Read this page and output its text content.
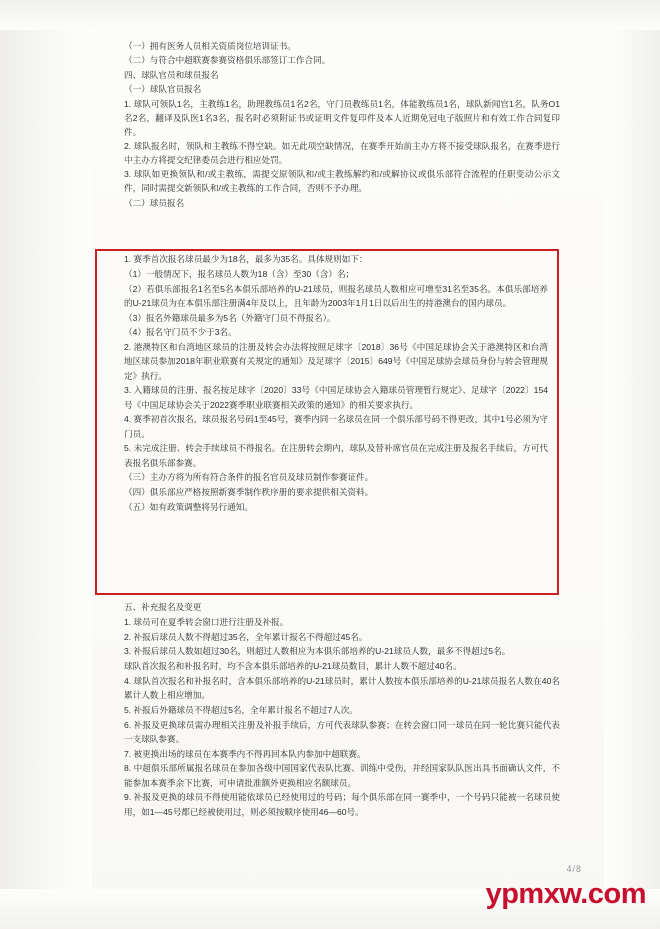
（一）拥有医务人员相关资质岗位培训证书。

（二）与符合中超联赛参赛资格俱乐部签订工作合同。

四、球队官员和球员报名

（一）球队官员报名

1. 球队可领队1名，主教练1名，助理教练员1名2名，守门员教练员1名，体能教练员1名，球队新闻官1名，队务О1名2名，翻译及队医1名3名，报名时必须附证书或证明文件复印件及本人近期免冠电子版照片和有效工作合同复印件。

2. 球队报名时，领队和主教练不得空缺。如无此项空缺情况，在赛季开始前主办方将不接受球队报名，在赛季进行中主办方将提交纪律委员会进行相应处罚。

3. 球队如更换领队和/或主教练，需提交原领队和/或主教练解约和/或解协议或俱乐部符合流程的任职变动公示文件，同时需提交新领队和/或主教练的工作合同，否则不予办理。

（二）球员报名

1. 赛季首次报名球员最少为18名，最多为35名。具体规则如下：

（1）一般情况下，报名球员人数为18（含）至30（含）名；

（2）若俱乐部报名1名至5名本俱乐部培养的U-21球员，则报名球员人数相应可增至31名至35名。本俱乐部培养的U-21球员为在本俱乐部注册满4年及以上，且年龄为2003年1月1日以后出生的持港澳台的国内球员。

（3）报名外籍球员最多为5名（外籍守门员不得报名）。

（4）报名守门员不少于3名。

2. 港澳特区和台湾地区球员的注册及转会办法将按照足球字〔2018〕36号《中国足球协会关于港澳特区和台湾地区球员参加2018年职业联赛有关规定的通知》及足球字〔2015〕649号《中国足球协会球员身份与转会管理规定》执行。

3. 入籍球员的注册、报名按足球字〔2020〕33号《中国足球协会入籍球员管理暂行规定》、足球字〔2022〕154号《中国足球协会关于2022赛季职业联赛相关政策的通知》的相关要求执行。

4. 赛季初首次报名，球员报名号码1至45号，赛季内同一名球员在同一个俱乐部号码不得更改，其中1号必须为守门员。

5. 未完成注册、转会手续球员不得报名。在注册转会期内，球队及替补席官员在完成注册及报名手续后，方可代表报名俱乐部参赛。

（三）主办方将为所有符合条件的报名官员及球员制作参赛证件。

（四）俱乐部应严格按照新赛季制作秩序册的要求提供相关资料。

（五）如有政策调整将另行通知。

五、补充报名及变更

1. 球员可在夏季转会窗口进行注册及补报。

2. 补报后球员人数不得超过35名，全年累计报名不得超过45名。

3. 补报后球员人数如超过30名，则超过人数相应为本俱乐部培养的U-21球员人数，最多不得超过5名。

球队首次报名和补报名时，均不含本俱乐部培养的U-21球员数目，累计人数不超过40名。

4. 球队首次报名和补报名时，含本俱乐部培养的U-21球员时，累计人数按本俱乐部培养的U-21球员报名人数在40名累计人数上相应增加。

5. 补报后外籍球员不得超过5名，全年累计报名不超过7人次。

6. 补报及更换球员需办理相关注册及补报手续后，方可代表球队参赛；在转会窗口同一球员在同一轮比赛只能代表一支球队参赛。

7. 被更换出场的球员在本赛季内不得再回本队内参加中超联赛。

8. 中超俱乐部所属报名球员在参加各级中国国家代表队比赛、训练中受伤，并经国家队队医出具书面确认文件，不能参加本赛季余下比赛，可申请批准额外更换相应名额球员。

9. 补报及更换的球员不得使用能依球员已经使用过的号码；每个俱乐部在同一赛季中，一个号码只能被一名球员使用，如1—45号都已经被使用过，则必须按顺序使用46—60号。

4/8
ypmxw.com
